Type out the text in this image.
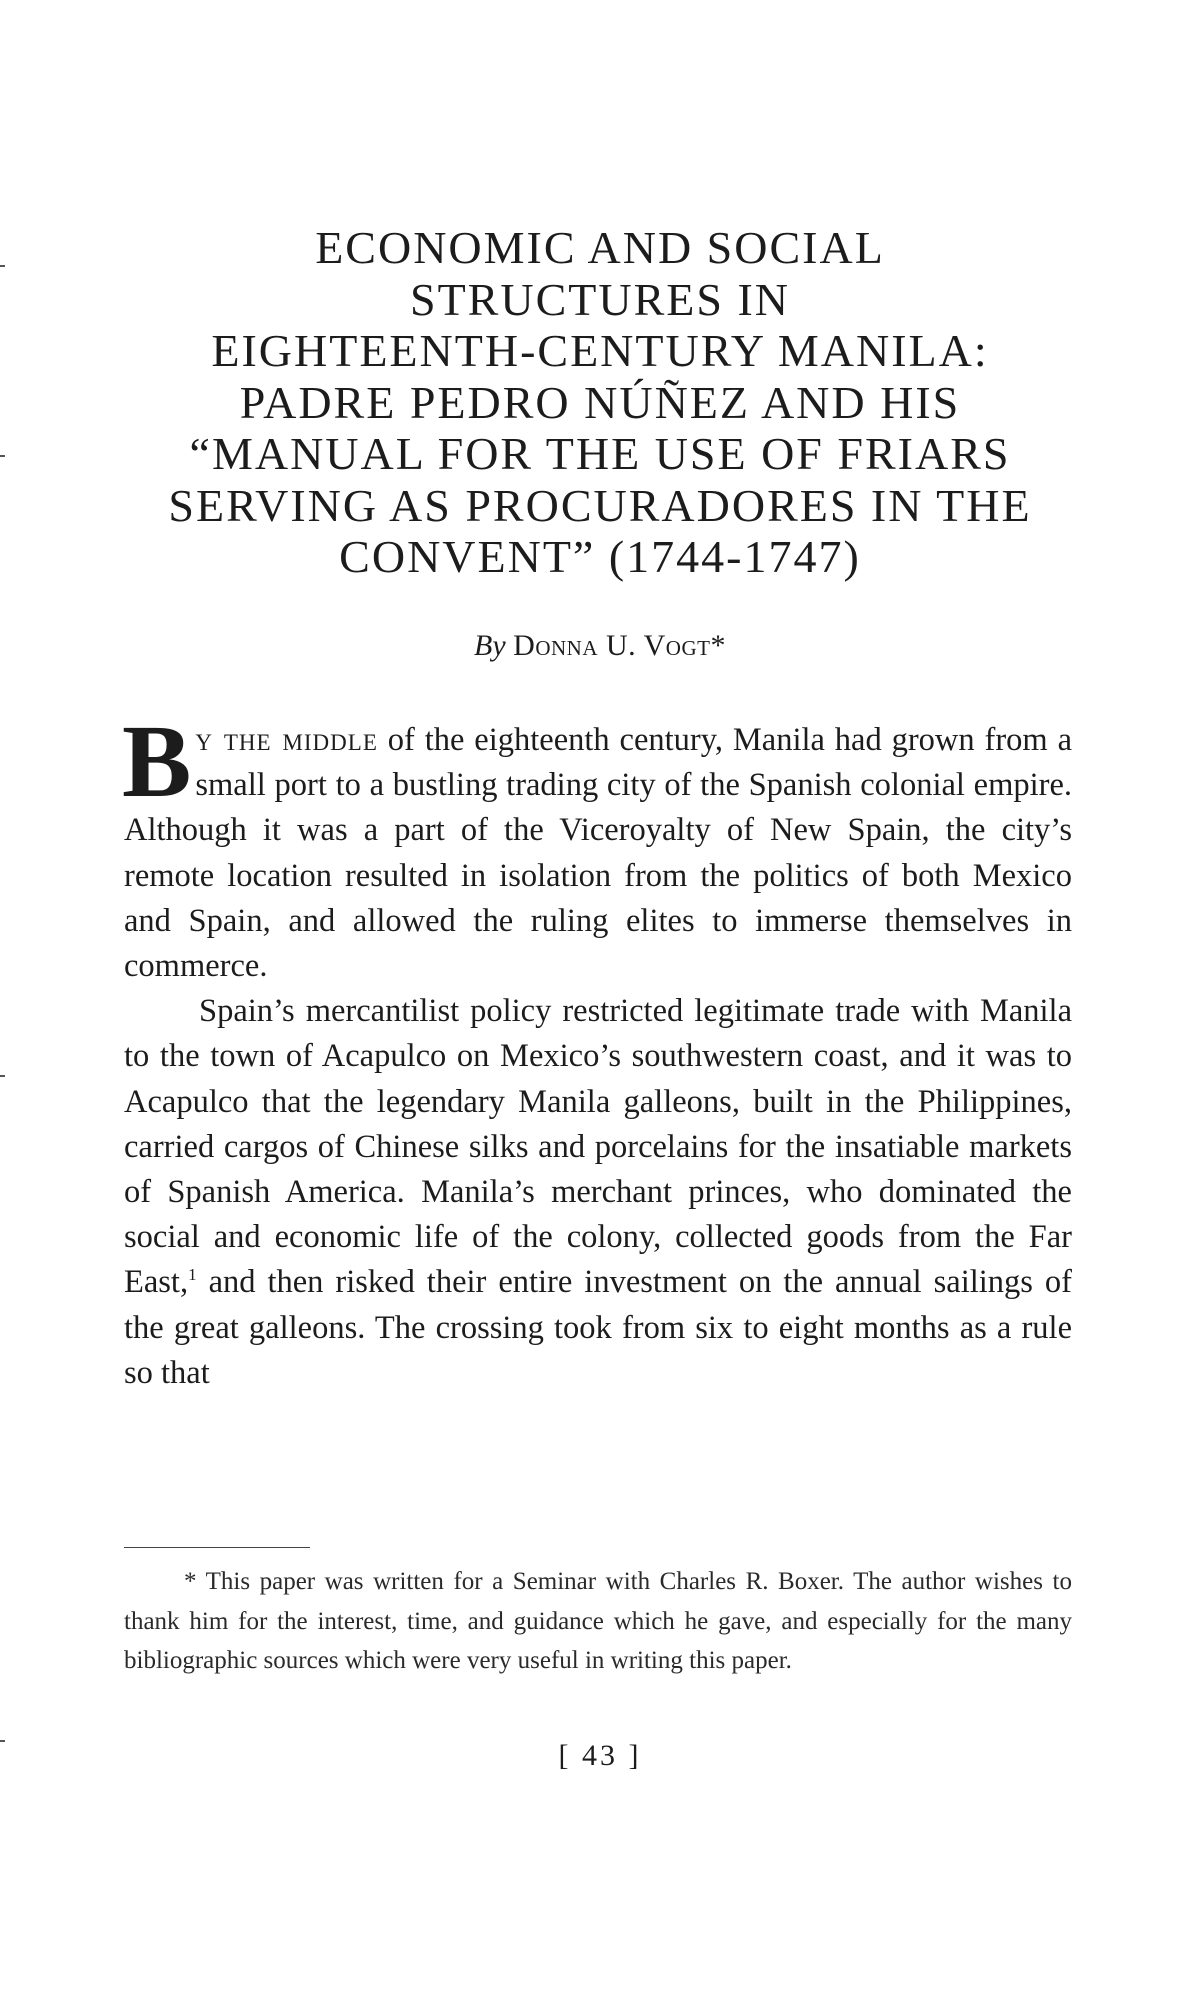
ECONOMIC AND SOCIAL
STRUCTURES IN
EIGHTEENTH-CENTURY MANILA:
PADRE PEDRO NÚÑEZ AND HIS
“MANUAL FOR THE USE OF FRIARS
SERVING AS PROCURADORES IN THE
CONVENT” (1744-1747)
By Donna U. Vogt*

By the middle of the eighteenth century, Manila had grown from a small port to a bustling trading city of the Spanish colonial empire. Although it was a part of the Viceroyalty of New Spain, the city’s remote location resulted in isolation from the politics of both Mexico and Spain, and allowed the ruling elites to immerse themselves in commerce.

Spain’s mercantilist policy restricted legitimate trade with Manila to the town of Acapulco on Mexico’s southwestern coast, and it was to Acapulco that the legendary Manila galleons, built in the Philippines, carried cargos of Chinese silks and porcelains for the insatiable markets of Spanish America. Manila’s merchant princes, who dominated the social and economic life of the colony, collected goods from the Far East,$^1$ and then risked their entire investment on the annual sailings of the great galleons. The crossing took from six to eight months as a rule so that

* This paper was written for a Seminar with Charles R. Boxer. The author wishes to thank him for the interest, time, and guidance which he gave, and especially for the many bibliographic sources which were very useful in writing this paper.

[ 43 ]
